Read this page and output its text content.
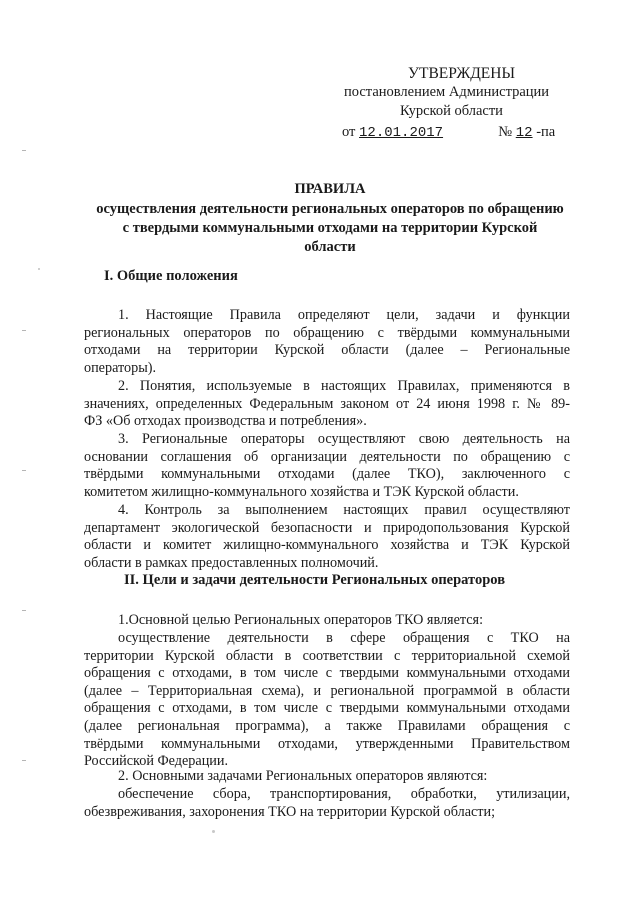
УТВЕРЖДЕНЫ
постановлением Администрации
Курской области
от 12.01.2017	№ 12 -па
ПРАВИЛА
осуществления деятельности региональных операторов по обращению
с твердыми коммунальными отходами на территории Курской
области
I. Общие положения
1. Настоящие Правила определяют цели, задачи и функции
региональных операторов по обращению с твёрдыми коммунальными
отходами на территории Курской области (далее – Региональные
операторы).
2. Понятия, используемые в настоящих Правилах, применяются в
значениях, определенных Федеральным законом от 24 июня 1998 г. № 89-
ФЗ «Об отходах производства и потребления».
3. Региональные операторы осуществляют свою деятельность на
основании соглашения об организации деятельности по обращению с
твёрдыми коммунальными отходами (далее ТКО), заключенного с
комитетом жилищно-коммунального хозяйства и ТЭК Курской области.
4. Контроль за выполнением настоящих правил осуществляют
департамент экологической безопасности и природопользования Курской
области и комитет жилищно-коммунального хозяйства и ТЭК Курской
области в рамках предоставленных полномочий.
II. Цели и задачи деятельности Региональных операторов
1.Основной целью Региональных операторов ТКО является:
осуществление деятельности в сфере обращения с ТКО на
территории Курской области в соответствии с территориальной схемой
обращения с отходами, в том числе с твердыми коммунальными отходами
(далее – Территориальная схема), и региональной программой в области
обращения с отходами, в том числе с твердыми коммунальными отходами
(далее региональная программа), а также Правилами обращения с
твёрдыми коммунальными отходами, утвержденными Правительством
Российской Федерации.
2. Основными задачами Региональных операторов являются:
обеспечение сбора, транспортирования, обработки, утилизации,
обезвреживания, захоронения ТКО на территории Курской области;
